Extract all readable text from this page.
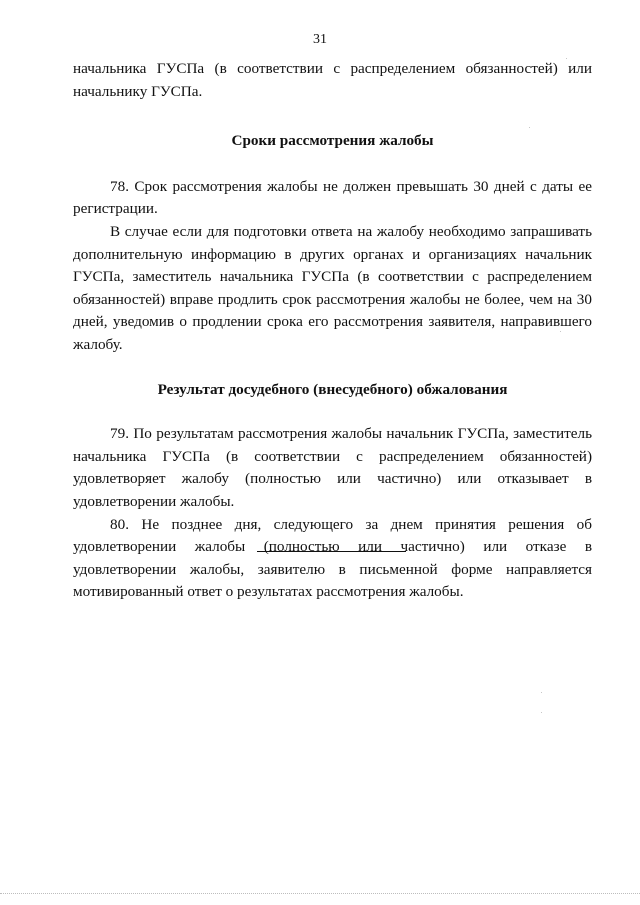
31

начальника ГУСПа (в соответствии с распределением обязанностей) или начальнику ГУСПа.

Сроки рассмотрения жалобы

78. Срок рассмотрения жалобы не должен превышать 30 дней с даты ее регистрации.

В случае если для подготовки ответа на жалобу необходимо запрашивать дополнительную информацию в других органах и организациях начальник ГУСПа, заместитель начальника ГУСПа (в соответствии с распределением обязанностей) вправе продлить срок рассмотрения жалобы не более, чем на 30 дней, уведомив о продлении срока его рассмотрения заявителя, направившего жалобу.

Результат досудебного (внесудебного) обжалования

79. По результатам рассмотрения жалобы начальник ГУСПа, заместитель начальника ГУСПа (в соответствии с распределением обязанностей) удовлетворяет жалобу (полностью или частично) или отказывает в удовлетворении жалобы.

80. Не позднее дня, следующего за днем принятия решения об удовлетворении жалобы (полностью или частично) или отказе в удовлетворении жалобы, заявителю в письменной форме направляется мотивированный ответ о результатах рассмотрения жалобы.
